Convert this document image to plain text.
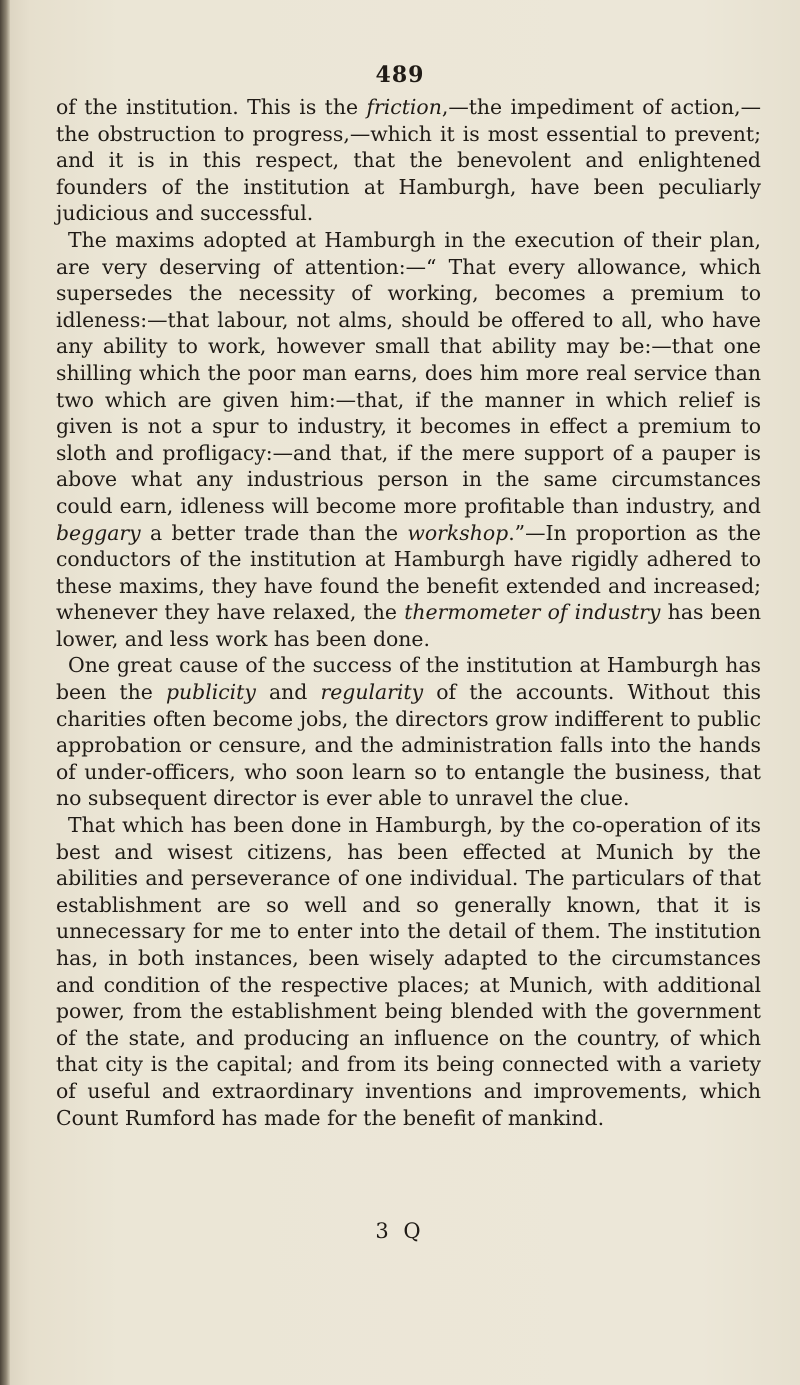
489

of the institution. This is the friction,—the impediment of action,—the obstruction to progress,—which it is most essential to prevent; and it is in this respect, that the benevolent and enlightened founders of the institution at Hamburgh, have been peculiarly judicious and successful.

The maxims adopted at Hamburgh in the execution of their plan, are very deserving of attention:—“ That every allowance, which supersedes the necessity of working, becomes a premium to idleness:—that labour, not alms, should be offered to all, who have any ability to work, however small that ability may be:—that one shilling which the poor man earns, does him more real service than two which are given him:—that, if the manner in which relief is given is not a spur to industry, it becomes in effect a premium to sloth and profligacy:—and that, if the mere support of a pauper is above what any industrious person in the same circumstances could earn, idleness will become more profitable than industry, and beggary a better trade than the workshop.”—In proportion as the conductors of the institution at Hamburgh have rigidly adhered to these maxims, they have found the benefit extended and increased; whenever they have relaxed, the thermometer of industry has been lower, and less work has been done.

One great cause of the success of the institution at Hamburgh has been the publicity and regularity of the accounts. Without this charities often become jobs, the directors grow indifferent to public approbation or censure, and the administration falls into the hands of under-officers, who soon learn so to entangle the business, that no subsequent director is ever able to unravel the clue.

That which has been done in Hamburgh, by the co-operation of its best and wisest citizens, has been effected at Munich by the abilities and perseverance of one individual. The particulars of that establishment are so well and so generally known, that it is unnecessary for me to enter into the detail of them. The institution has, in both instances, been wisely adapted to the circumstances and condition of the respective places; at Munich, with additional power, from the establishment being blended with the government of the state, and producing an influence on the country, of which that city is the capital; and from its being connected with a variety of useful and extraordinary inventions and improvements, which Count Rumford has made for the benefit of mankind.

3 Q
